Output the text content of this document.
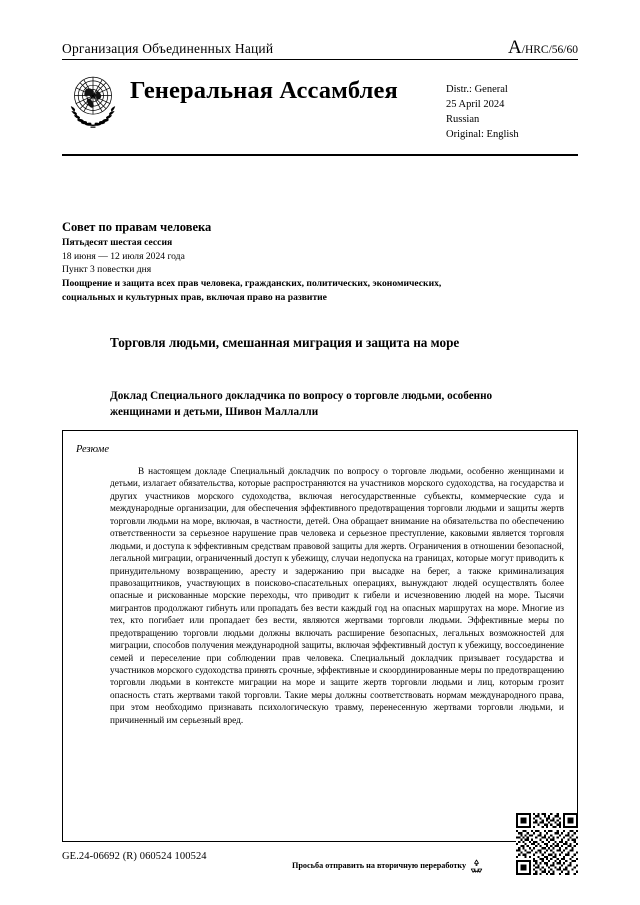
Организация Объединенных Наций	A/HRC/56/60
Генеральная Ассамблея	Distr.: General
25 April 2024
Russian
Original: English
Совет по правам человека
Пятьдесят шестая сессия
18 июня — 12 июля 2024 года
Пункт 3 повестки дня
Поощрение и защита всех прав человека, гражданских, политических, экономических, социальных и культурных прав, включая право на развитие
Торговля людьми, смешанная миграция и защита на море
Доклад Специального докладчика по вопросу о торговле людьми, особенно женщинами и детьми, Шивон Маллалли
Резюме
В настоящем докладе Специальный докладчик по вопросу о торговле людьми, особенно женщинами и детьми, излагает обязательства, которые распространяются на участников морского судоходства, на государства и других участников морского судоходства, включая негосударственные субъекты, коммерческие суда и международные организации, для обеспечения эффективного предотвращения торговли людьми и защиты жертв торговли людьми на море, включая, в частности, детей. Она обращает внимание на обязательства по обеспечению ответственности за серьезное нарушение прав человека и серьезное преступление, каковыми является торговля людьми, и доступа к эффективным средствам правовой защиты для жертв. Ограничения в отношении безопасной, легальной миграции, ограниченный доступ к убежищу, случаи недопуска на границах, которые могут приводить к принудительному возвращению, аресту и задержанию при высадке на берег, а также криминализация правозащитников, участвующих в поисково-спасательных операциях, вынуждают людей осуществлять более опасные и рискованные морские переходы, что приводит к гибели и исчезновению людей на море. Тысячи мигрантов продолжают гибнуть или пропадать без вести каждый год на опасных маршрутах на море. Многие из тех, кто погибает или пропадает без вести, являются жертвами торговли людьми. Эффективные меры по предотвращению торговли людьми должны включать расширение безопасных, легальных возможностей для миграции, способов получения международной защиты, включая эффективный доступ к убежищу, воссоединение семей и переселение при соблюдении прав человека. Специальный докладчик призывает государства и участников морского судоходства принять срочные, эффективные и скоординированные меры по предотвращению торговли людьми в контексте миграции на море и защите жертв торговли людьми и лиц, которым грозит опасность стать жертвами такой торговли. Такие меры должны соответствовать нормам международного права, при этом необходимо признавать психологическую травму, перенесенную жертвами торговли людьми, и причиненный им серьезный вред.
GE.24-06692 (R) 060524 100524
Просьба отправить на вторичную переработку
